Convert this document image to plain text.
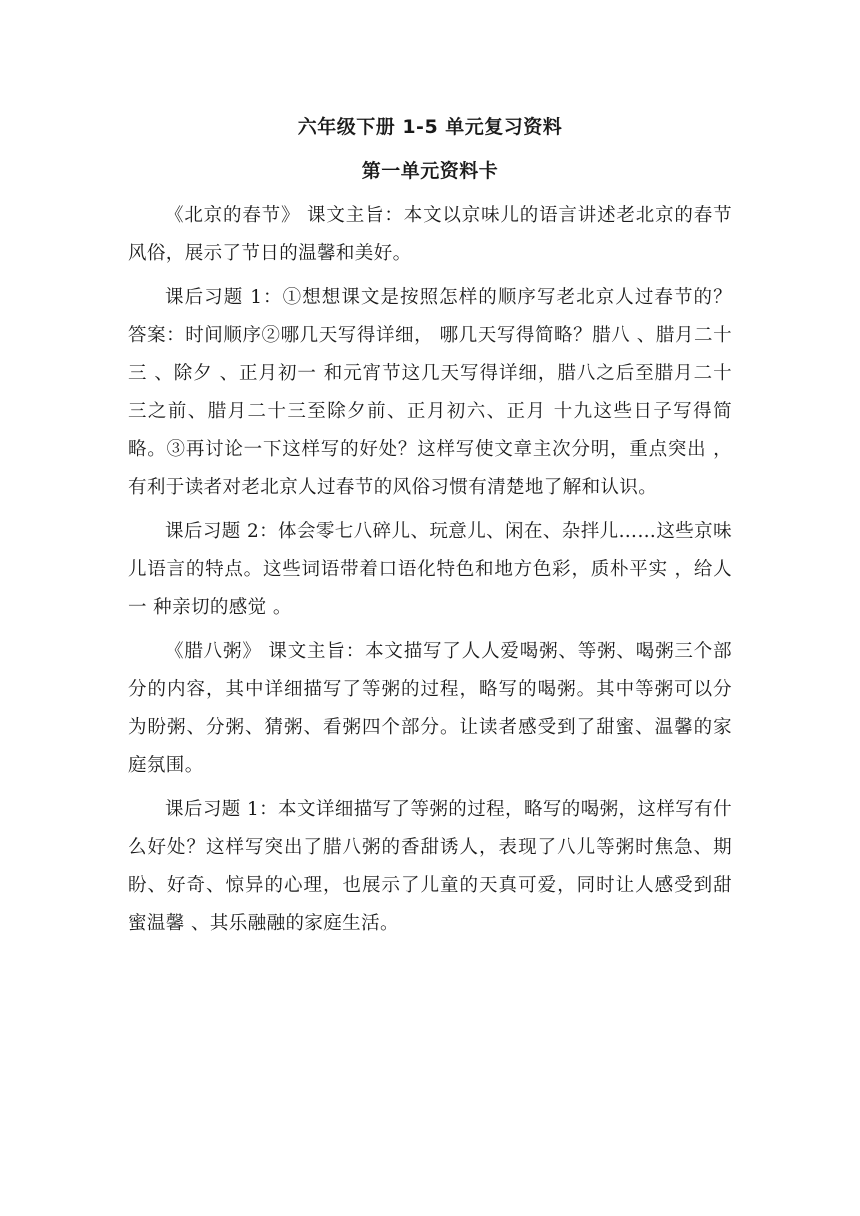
六年级下册 1-5 单元复习资料
第一单元资料卡

《北京的春节》 课文主旨：本文以京味儿的语言讲述老北京的春节风俗，展示了节日的温馨和美好。

课后习题 1：①想想课文是按照怎样的顺序写老北京人过春节的？ 答案：时间顺序②哪几天写得详细， 哪几天写得简略？腊八 、腊月二十三 、除夕 、正月初一 和元宵节这几天写得详细，腊八之后至腊月二十三之前、腊月二十三至除夕前、正月初六、正月 十九这些日子写得简略。③再讨论一下这样写的好处？这样写使文章主次分明，重点突出 ，有利于读者对老北京人过春节的风俗习惯有清楚地了解和认识。

课后习题 2：体会零七八碎儿、玩意儿、闲在、杂拌儿……这些京味儿语言的特点。这些词语带着口语化特色和地方色彩，质朴平实 ，给人一 种亲切的感觉 。

《腊八粥》 课文主旨：本文描写了人人爱喝粥、等粥、喝粥三个部分的内容，其中详细描写了等粥的过程，略写的喝粥。其中等粥可以分为盼粥、分粥、猜粥、看粥四个部分。让读者感受到了甜蜜、温馨的家庭氛围。

课后习题 1：本文详细描写了等粥的过程，略写的喝粥，这样写有什么好处？这样写突出了腊八粥的香甜诱人，表现了八儿等粥时焦急、期盼、好奇、惊异的心理，也展示了儿童的天真可爱，同时让人感受到甜蜜温馨 、其乐融融的家庭生活。
